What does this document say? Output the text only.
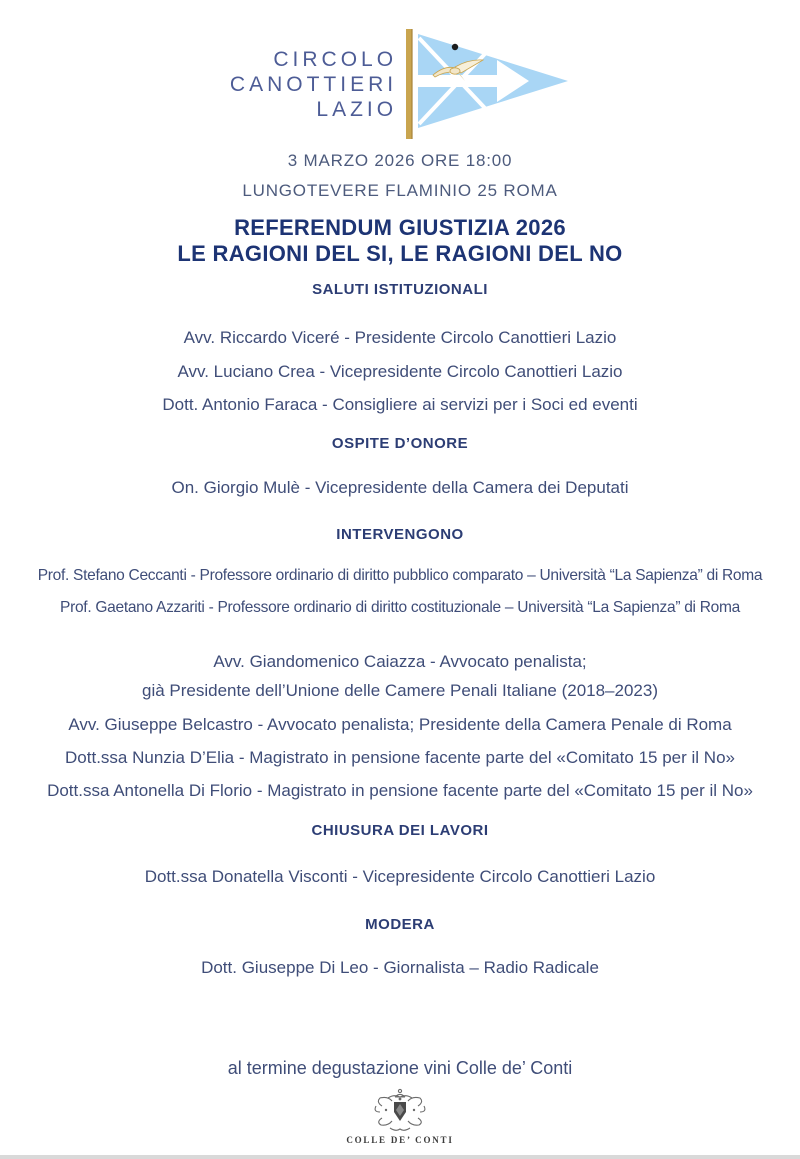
CIRCOLO
CANOTTIERI
LAZIO
3 MARZO 2026 ORE 18:00
LUNGOTEVERE FLAMINIO 25 ROMA
REFERENDUM GIUSTIZIA 2026
LE RAGIONI DEL SI, LE RAGIONI DEL NO
SALUTI ISTITUZIONALI
Avv. Riccardo Viceré - Presidente Circolo Canottieri Lazio
Avv. Luciano Crea - Vicepresidente Circolo Canottieri Lazio
Dott. Antonio Faraca - Consigliere ai servizi per i Soci ed eventi
OSPITE D’ONORE
On. Giorgio Mulè - Vicepresidente della Camera dei Deputati
INTERVENGONO
Prof. Stefano Ceccanti - Professore ordinario di diritto pubblico comparato – Università “La Sapienza” di Roma
Prof. Gaetano Azzariti - Professore ordinario di diritto costituzionale – Università “La Sapienza” di Roma
Avv. Giandomenico Caiazza - Avvocato penalista;
già Presidente dell’Unione delle Camere Penali Italiane (2018–2023)
Avv. Giuseppe Belcastro - Avvocato penalista; Presidente della Camera Penale di Roma
Dott.ssa Nunzia D’Elia - Magistrato in pensione facente parte del «Comitato 15 per il No»
Dott.ssa Antonella Di Florio - Magistrato in pensione facente parte del «Comitato 15 per il No»
CHIUSURA DEI LAVORI
Dott.ssa Donatella Visconti - Vicepresidente Circolo Canottieri Lazio
MODERA
Dott. Giuseppe Di Leo - Giornalista – Radio Radicale
al termine degustazione vini Colle de’ Conti
COLLE DE’ CONTI
